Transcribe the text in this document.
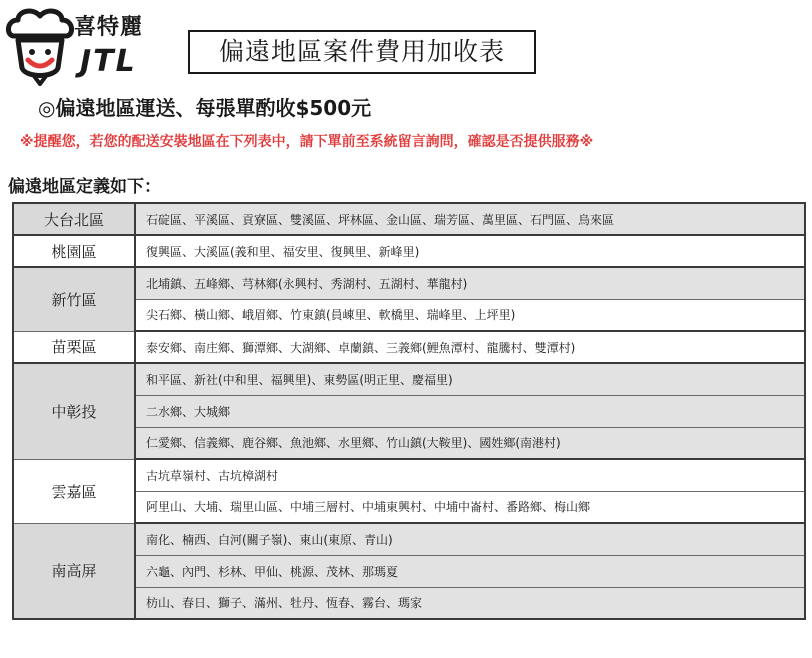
喜特麗
JTL	偏遠地區案件費用加收表
◎偏遠地區運送、每張單酌收$500元
※提醒您，若您的配送安裝地區在下列表中，請下單前至系統留言詢問，確認是否提供服務※
偏遠地區定義如下：
大台北區	石碇區、平溪區、貢寮區、雙溪區、坪林區、金山區、瑞芳區、萬里區、石門區、烏來區
桃園區	復興區、大溪區(義和里、福安里、復興里、新峰里)
新竹區	北埔鎮、五峰鄉、芎林鄉(永興村、秀湖村、五湖村、華龍村)
	尖石鄉、橫山鄉、峨眉鄉、竹東鎮(員崠里、軟橋里、瑞峰里、上坪里)
苗栗區	泰安鄉、南庄鄉、獅潭鄉、大湖鄉、卓蘭鎮、三義鄉(鯉魚潭村、龍騰村、雙潭村)
中彰投	和平區、新社(中和里、福興里)、東勢區(明正里、慶福里)
	二水鄉、大城鄉
	仁愛鄉、信義鄉、鹿谷鄉、魚池鄉、水里鄉、竹山鎮(大鞍里)、國姓鄉(南港村)
雲嘉區	古坑草嶺村、古坑樟湖村
	阿里山、大埔、瑞里山區、中埔三層村、中埔東興村、中埔中崙村、番路鄉、梅山鄉
南高屏	南化、楠西、白河(關子嶺)、東山(東原、青山)
	六龜、內門、杉林、甲仙、桃源、茂林、那瑪夏
	枋山、春日、獅子、滿州、牡丹、恆春、霧台、瑪家
